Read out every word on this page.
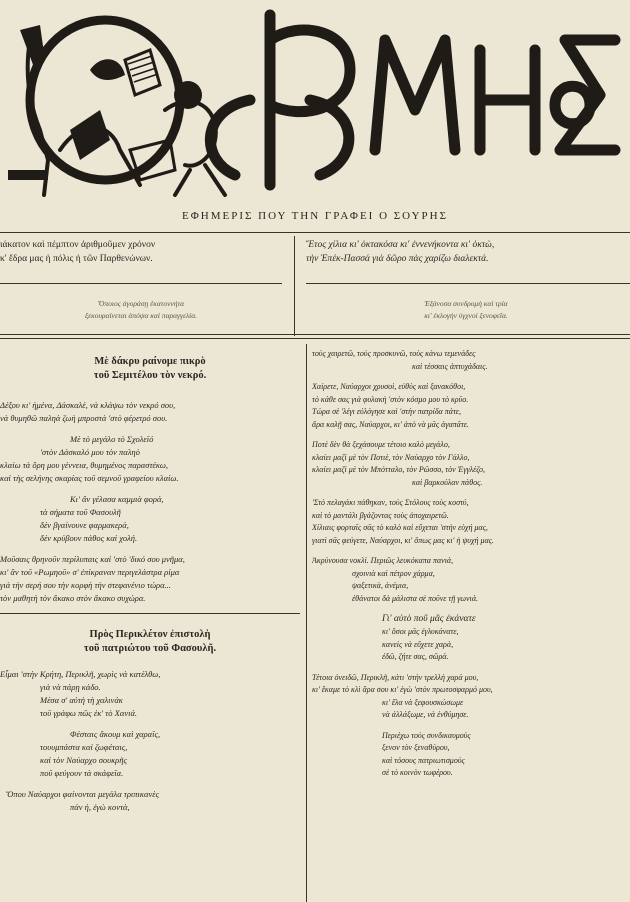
ΕΦΗΜΕΡΙΣ ΠΟΥ ΤΗΝ ΓΡΑΦΕΙ Ο ΣΟΥΡΗΣ
ιάκατον καὶ πέμπτον ἀριθμοῦμεν χρόνον
κ' ἕδρα μας ἡ πόλις ἡ τῶν Παρθενώνων.
Ἔτος χίλια κι' ὀκτακόσα κι' ἐννενήκοντα κι' ὀκτὼ,
τὴν Ἐπέκ-Πασσά γιὰ δῶρο πὰς χαρίζω διαλεκτά.
Ὅποιος ἀγοράσῃ ἑκατοννήτα
ξεκουραίνεται ἀπόψα καὶ παραγγελία.
Ἐξάνοσα συνδρομὴ καὶ τρία
κι' ἐκλογὴν ὑγχνοὶ ξενοφεῖα.
Μὲ δάκρυ ραίνομε πικρὸ
τοῦ Σεμιτέλου τὸν νεκρό.
Δέξου κι' ἡμένα, Δάσκαλέ, νὰ κλάψω τὸν νεκρό σου,
νὰ θυμηθῶ παληὰ ζωὴ μπροστὰ 'στὸ φέρετρό σου.
Μὲ τὸ μεγάλο τὸ Σχολεῖό
'στὸν Δάσκαλό μου τὸν παληὸ
κλαίω τὰ ὄρη μου γέννεια, θυμημένος παραστέκω,
καὶ τὴς σελήνης σκαρίας τοῦ σεμνοῦ γραφείου κλαίω.
Κι' ἂν γέλασα καμμιὰ φορά,
τὰ σήματα τοῦ Φασουλῆ
δὲν βγαίνουνε φαρμακερά,
δὲν κρύβουν πάθος καὶ χολή.
Μοῦσαις θρηνοῦν περίλυπαις καὶ 'στὸ 'δικό σου μνῆμα,
κι' ἂν τοῦ «Ρωμηοῦ» σ' ἐπίκραναν περιγελάστρα ρίμα
γιὰ τὴν σερή σου τὴν κορφὴ τὴν στεφανένιο τώρα...
τὸν μαθητὴ τὸν ἄκακο στὸν ἄκακο συχώρα.
Πρὸς Περικλέτον ἐπιστολὴ
τοῦ πατριώτου τοῦ Φασουλῆ.
Εἶμαι 'στὴν Κρήτη, Περικλῆ, χωρὶς νὰ κατέλθω,
γιὰ νὰ πάρῃ κάδο.
Μέσα σ' αὐτὴ τὴ χαλινάκ
τοῦ γράφω πῶς ἐκ' τὸ Χανιά.
Φέσταις ἄκουμ καὶ χαραῖς,
τουυμπάστα καὶ ζωφέταις,
καὶ τὸν Ναύαρχο σουκρῆς
ποῦ φεύγουν τὰ σκάφεῖα.
Ὅπου Ναύαρχοι φαίνονται μεγάλα τριπικανὲς
πάν ἡ, ἐγὼ κοντὰ,
τοὺς χαιρετῶ, τοὺς προσκυνῶ, τοὺς κάνω τεμενάδες
καὶ τέσσαις ἀπτυχάδαις.
Χαίρετε, Ναύαρχοι χρυσοὶ, εὐθὺς καὶ ξανακόθοι,
τὸ κάθε σας γιὰ φυλακὴ 'στὸν κόσμο μου τὸ κρῦο.
Τώρα σὲ 'λέγι εὐλόγησε καὶ 'στὴν πατρίδα πάτε,
ἄρα καλῇ σας, Ναύαρχοι, κι' ἀπὸ νὰ μᾶς ἀγαπᾶτε.
Ποτὲ δὲν θὰ ξεχάσουμε τέτοιο καλὸ μεγάλο,
κλαίει μαζὶ μὲ τὸν Ποτιὲ, τὸν Ναύαρχο τὸν Γάλλο,
κλαίει μαζὶ μὲ τὸν Μπότταλο, τὸν Ρῶσσο, τὸν Ἐγγλέζο,
καὶ βαρκούλαν πάθος.
'Στὸ πελαγάκι πάθηκαν, τοὺς Στόλους τοὺς κοστύ,
καὶ τὸ μαντάλι βγάζοντας τοὺς ἀποχαιρετῶ.
Χίλιαις φορταῖς σᾶς τὸ καλὸ καὶ εὔχεται 'στὴν εὐχή μας,
γιατὶ σᾶς φεύγετε, Ναύαρχοι, κι' ὅπως μας κι' ἡ ψυχή μας.
Ἀκρύνουσα νοκλὶ. Περιῶς λευκόκαπα πανιά,
σχοινιὰ καὶ πέτρον χάρμα,
ψαξετικὰ, ἀνέμια,
ἐθάνατοι δὰ μάλιστα σὲ ποῦνε τῇ γωνιά.
Γι' αὐτὸ ποῦ μᾶς ἐκάνατε
κι' ὅσοι μᾶς ἐγλυκάνατε,
κανεὶς νὰ εὔχετε χαρὰ,
ἐδῶ, ζήτε σας, σῶρά.
Τέτοια ὀνειδῶ, Περικλῆ, κάτι 'στὴν τρελλὴ χαρά μου,
κι' ἔκαμε τὸ κλὶ ἄρα σου κι' ἐγὼ 'στὸν πρωτοσφαρμό μου,
κι' ἔλα νὰ ξεφουσκώσωμε
νὰ ἀλλάξωμε, νὰ ἐνθύμησε.
Περιέχω τοὺς συνδικαυμοὺς
ξενον τὸν ξεναθύρου,
καὶ τόσους πατριωτισμοὺς
σὲ τὸ κοινὸν τωφέρου.
